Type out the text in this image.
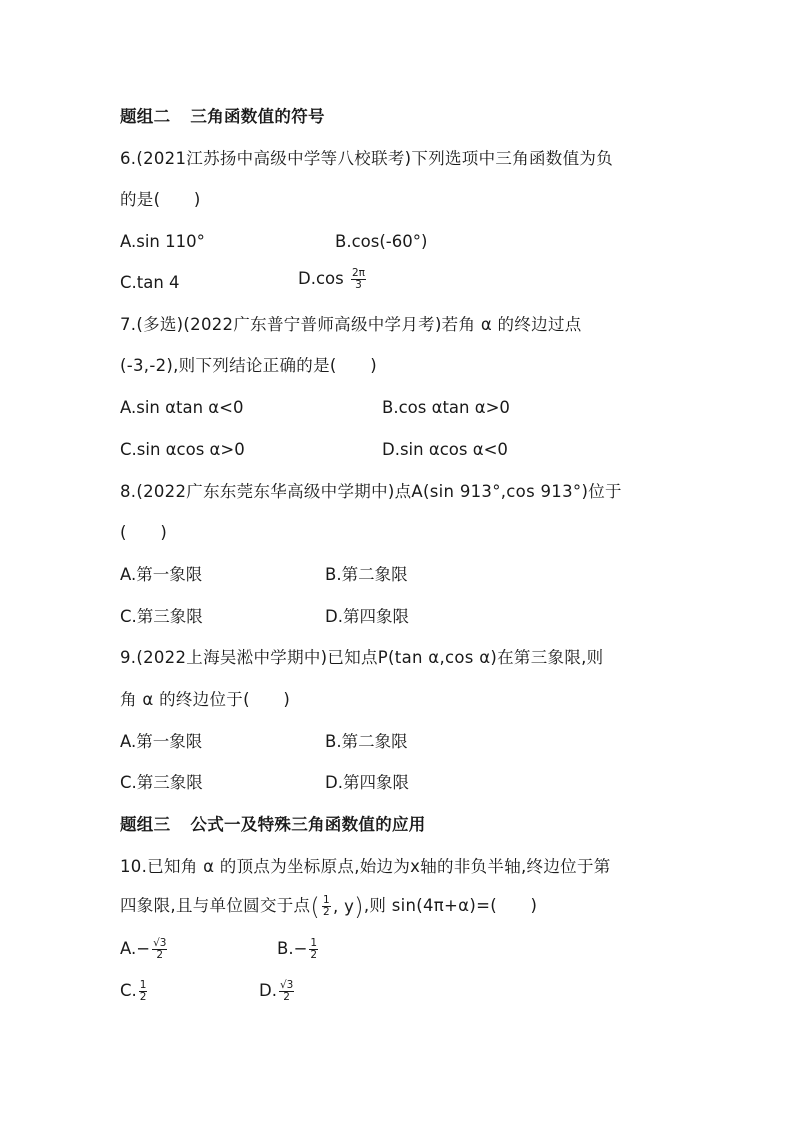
题组二 三角函数值的符号
6.(2021江苏扬中高级中学等八校联考)下列选项中三角函数值为负
的是(　　)
A.sin 110°	B.cos(-60°)
C.tan 4	$D.\cos \frac{2\pi}{3}$
7.(多选)(2022广东普宁普师高级中学月考)若角 α 的终边过点
(-3,-2),则下列结论正确的是(　　)
A.sin αtan α<0	B.cos αtan α>0
C.sin αcos α>0	D.sin αcos α<0
8.(2022广东东莞东华高级中学期中)点A(sin 913°,cos 913°)位于
(　　)
A.第一象限	B.第二象限
C.第三象限	D.第四象限
9.(2022上海吴淞中学期中)已知点P(tan α,cos α)在第三象限,则
角 α 的终边位于(　　)
A.第一象限	B.第二象限
C.第三象限	D.第四象限
题组三 公式一及特殊三角函数值的应用
10.已知角 α 的顶点为坐标原点,始边为x轴的非负半轴,终边位于第
四象限,且与单位圆交于点 ( $\frac{1}{2}$ , y ) ,则 sin(4π+α)=(　　)
$A.- \frac{√3}{2}$	$B.- \frac{1}{2}$
C. $\frac{1}{2}$	D. $\frac{√3}{2}$
